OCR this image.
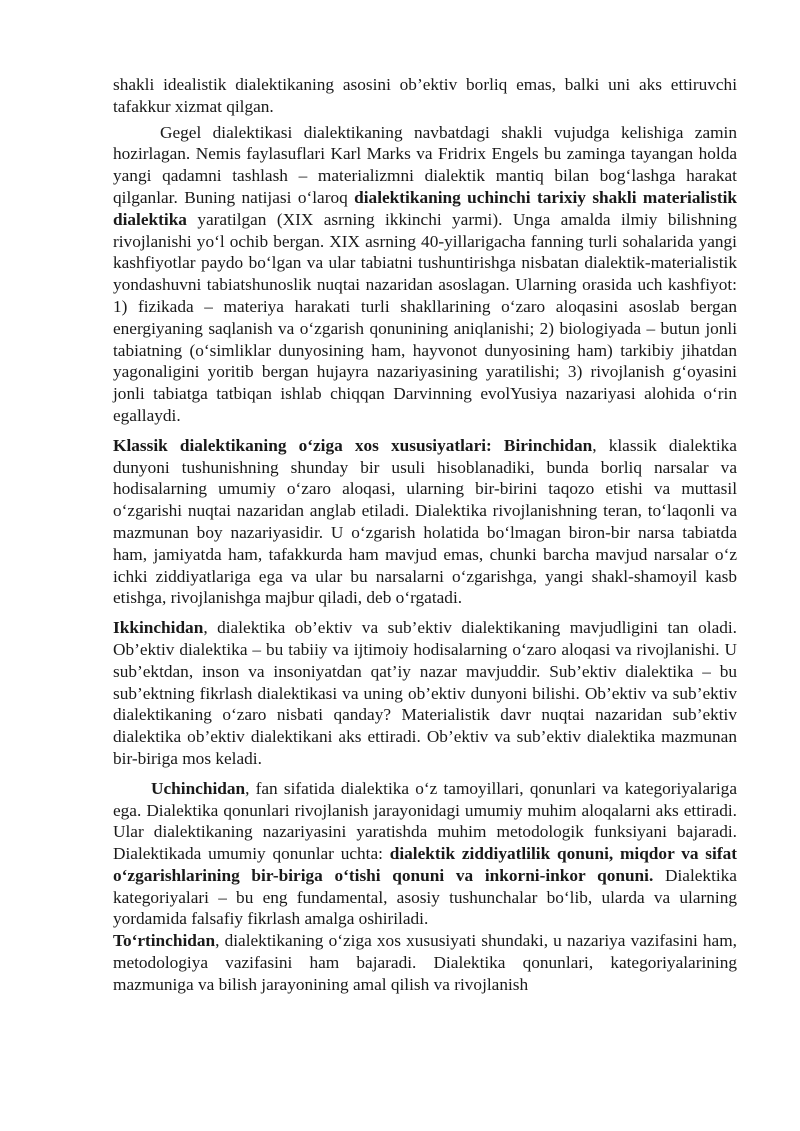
shakli idealistik dialektikaning asosini ob’ektiv borliq emas, balki uni aks ettiruvchi tafakkur xizmat qilgan.

Gegel dialektikasi dialektikaning navbatdagi shakli vujudga kelishiga zamin hozirlagan. Nemis faylasuflari Karl Marks va Fridrix Engels bu zaminga tayangan holda yangi qadamni tashlash – materializmni dialektik mantiq bilan bog‘lashga harakat qilganlar. Buning natijasi o‘laroq dialektikaning uchinchi tarixiy shakli materialistik dialektika yaratilgan (XIX asrning ikkinchi yarmi). Unga amalda ilmiy bilishning rivojlanishi yo‘l ochib bergan. XIX asrning 40-yillarigacha fanning turli sohalarida yangi kashfiyotlar paydo bo‘lgan va ular tabiatni tushuntirishga nisbatan dialektik-materialistik yondashuvni tabiatshunoslik nuqtai nazaridan asoslagan. Ularning orasida uch kashfiyot: 1) fizikada – materiya harakati turli shakllarining o‘zaro aloqasini asoslab bergan energiyaning saqlanish va o‘zgarish qonunining aniqlanishi; 2) biologiyada – butun jonli tabiatning (o‘simliklar dunyosining ham, hayvonot dunyosining ham) tarkibiy jihatdan yagonaligini yoritib bergan hujayra nazariyasining yaratilishi; 3) rivojlanish g‘oyasini jonli tabiatga tatbiqan ishlab chiqqan Darvinning evolYusiya nazariyasi alohida o‘rin egallaydi.

Klassik dialektikaning o‘ziga xos xususiyatlari: Birinchidan, klassik dialektika dunyoni tushunishning shunday bir usuli hisoblanadiki, bunda borliq narsalar va hodisalarning umumiy o‘zaro aloqasi, ularning bir-birini taqozo etishi va muttasil o‘zgarishi nuqtai nazaridan anglab etiladi. Dialektika rivojlanishning teran, to‘laqonli va mazmunan boy nazariyasidir. U o‘zgarish holatida bo‘lmagan biron-bir narsa tabiatda ham, jamiyatda ham, tafakkurda ham mavjud emas, chunki barcha mavjud narsalar o‘z ichki ziddiyatlariga ega va ular bu narsalarni o‘zgarishga, yangi shakl-shamoyil kasb etishga, rivojlanishga majbur qiladi, deb o‘rgatadi.

Ikkinchidan, dialektika ob’ektiv va sub’ektiv dialektikaning mavjudligini tan oladi. Ob’ektiv dialektika – bu tabiiy va ijtimoiy hodisalarning o‘zaro aloqasi va rivojlanishi. U sub’ektdan, inson va insoniyatdan qat’iy nazar mavjuddir. Sub’ektiv dialektika – bu sub’ektning fikrlash dialektikasi va uning ob’ektiv dunyoni bilishi. Ob’ektiv va sub’ektiv dialektikaning o‘zaro nisbati qanday? Materialistik davr nuqtai nazaridan sub’ektiv dialektika ob’ektiv dialektikani aks ettiradi. Ob’ektiv va sub’ektiv dialektika mazmunan bir-biriga mos keladi.

Uchinchidan, fan sifatida dialektika o‘z tamoyillari, qonunlari va kategoriyalariga ega. Dialektika qonunlari rivojlanish jarayonidagi umumiy muhim aloqalarni aks ettiradi. Ular dialektikaning nazariyasini yaratishda muhim metodologik funksiyani bajaradi. Dialektikada umumiy qonunlar uchta: dialektik ziddiyatlilik qonuni, miqdor va sifat o‘zgarishlarining bir-biriga o‘tishi qonuni va inkorni-inkor qonuni. Dialektika kategoriyalari – bu eng fundamental, asosiy tushunchalar bo‘lib, ularda va ularning yordamida falsafiy fikrlash amalga oshiriladi.

To‘rtinchidan, dialektikaning o‘ziga xos xususiyati shundaki, u nazariya vazifasini ham, metodologiya vazifasini ham bajaradi. Dialektika qonunlari, kategoriyalarining mazmuniga va bilish jarayonining amal qilish va rivojlanish
